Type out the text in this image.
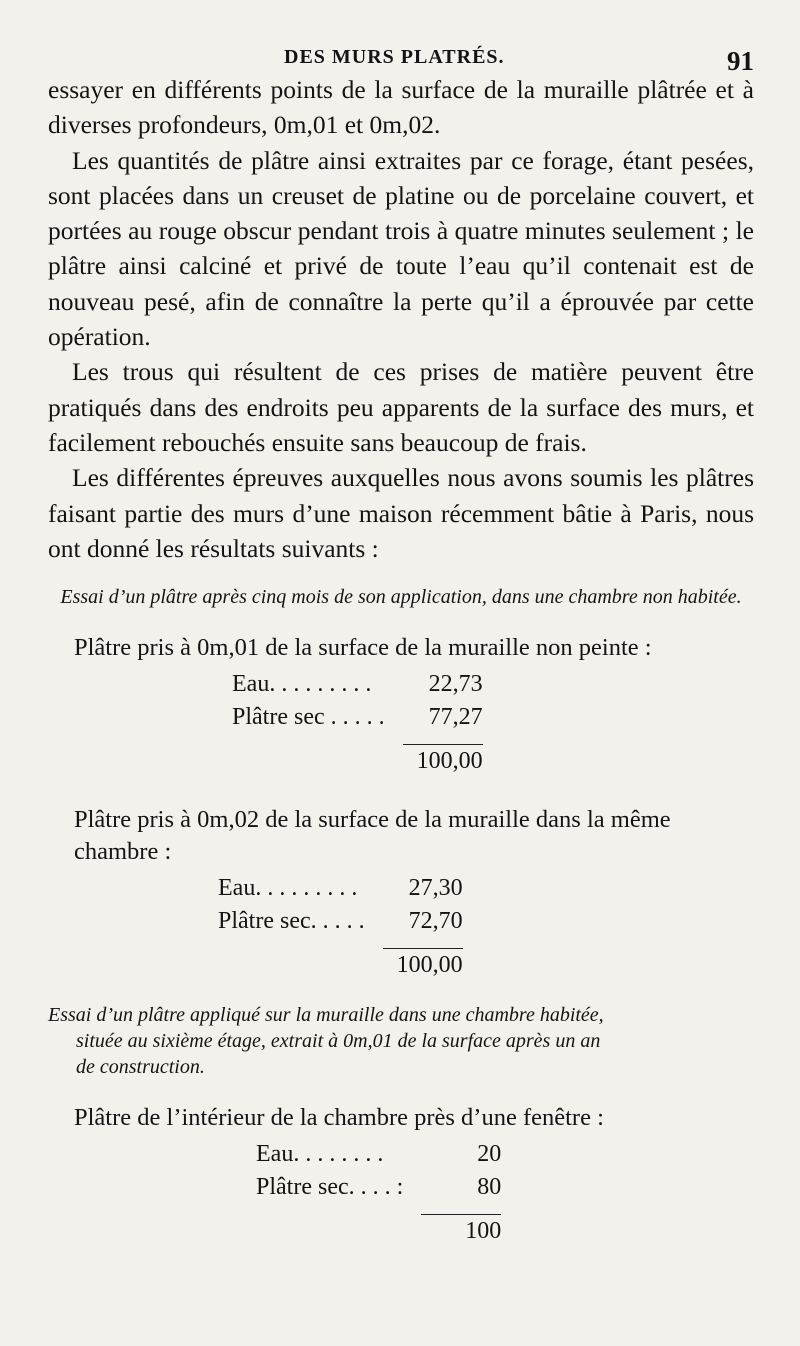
DES MURS PLATRÉS.	91

essayer en différents points de la surface de la muraille plâtrée et à diverses profondeurs, 0m,01 et 0m,02.

Les quantités de plâtre ainsi extraites par ce forage, étant pesées, sont placées dans un creuset de platine ou de porcelaine couvert, et portées au rouge obscur pendant trois à quatre minutes seulement ; le plâtre ainsi calciné et privé de toute l’eau qu’il contenait est de nouveau pesé, afin de connaître la perte qu’il a éprouvée par cette opération.

Les trous qui résultent de ces prises de matière peuvent être pratiqués dans des endroits peu apparents de la surface des murs, et facilement rebouchés ensuite sans beaucoup de frais.

Les différentes épreuves auxquelles nous avons soumis les plâtres faisant partie des murs d’une maison récemment bâtie à Paris, nous ont donné les résultats suivants :

Essai d’un plâtre après cinq mois de son application, dans une chambre non habitée.

Plâtre pris à 0m,01 de la surface de la muraille non peinte :

Eau. . . . . . . . .	22,73
Plâtre sec . . . . .	77,27

	100,00

Plâtre pris à 0m,02 de la surface de la muraille dans la même chambre :

Eau. . . . . . . . .	27,30
Plâtre sec. . . . .	72,70

	100,00
Essai d’un plâtre appliqué sur la muraille dans une chambre habitée,
située au sixième étage, extrait à 0m,01 de la surface après un an
de construction.

Plâtre de l’intérieur de la chambre près d’une fenêtre :

Eau. . . . . . . .	20
Plâtre sec. . . . :	80

	100
